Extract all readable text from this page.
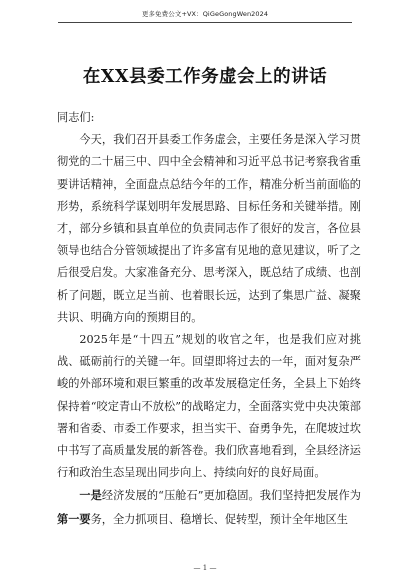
更多免费公文+VX：QiGeGongWen2024
在XX县委工作务虚会上的讲话

同志们:

今天，我们召开县委工作务虚会，主要任务是深入学习贯彻党的二十届三中、四中全会精神和习近平总书记考察我省重要讲话精神，全面盘点总结今年的工作，精准分析当前面临的形势，系统科学谋划明年发展思路、目标任务和关键举措。刚才，部分乡镇和县直单位的负责同志作了很好的发言，各位县领导也结合分管领域提出了许多富有见地的意见建议，听了之后很受启发。大家准备充分、思考深入，既总结了成绩、也剖析了问题，既立足当前、也着眼长远，达到了集思广益、凝聚共识、明确方向的预期目的。

2025年是“十四五”规划的收官之年，也是我们应对挑战、砥砺前行的关键一年。回望即将过去的一年，面对复杂严峻的外部环境和艰巨繁重的改革发展稳定任务，全县上下始终保持着“咬定青山不放松”的战略定力，全面落实党中央决策部署和省委、市委工作要求，担当实干、奋勇争先，在爬坡过坎中书写了高质量发展的新答卷。我们欣喜地看到，全县经济运行和政治生态呈现出同步向上、持续向好的良好局面。

一是经济发展的“压舱石”更加稳固。我们坚持把发展作为第一要务，全力抓项目、稳增长、促转型，预计全年地区生

— 1 —
